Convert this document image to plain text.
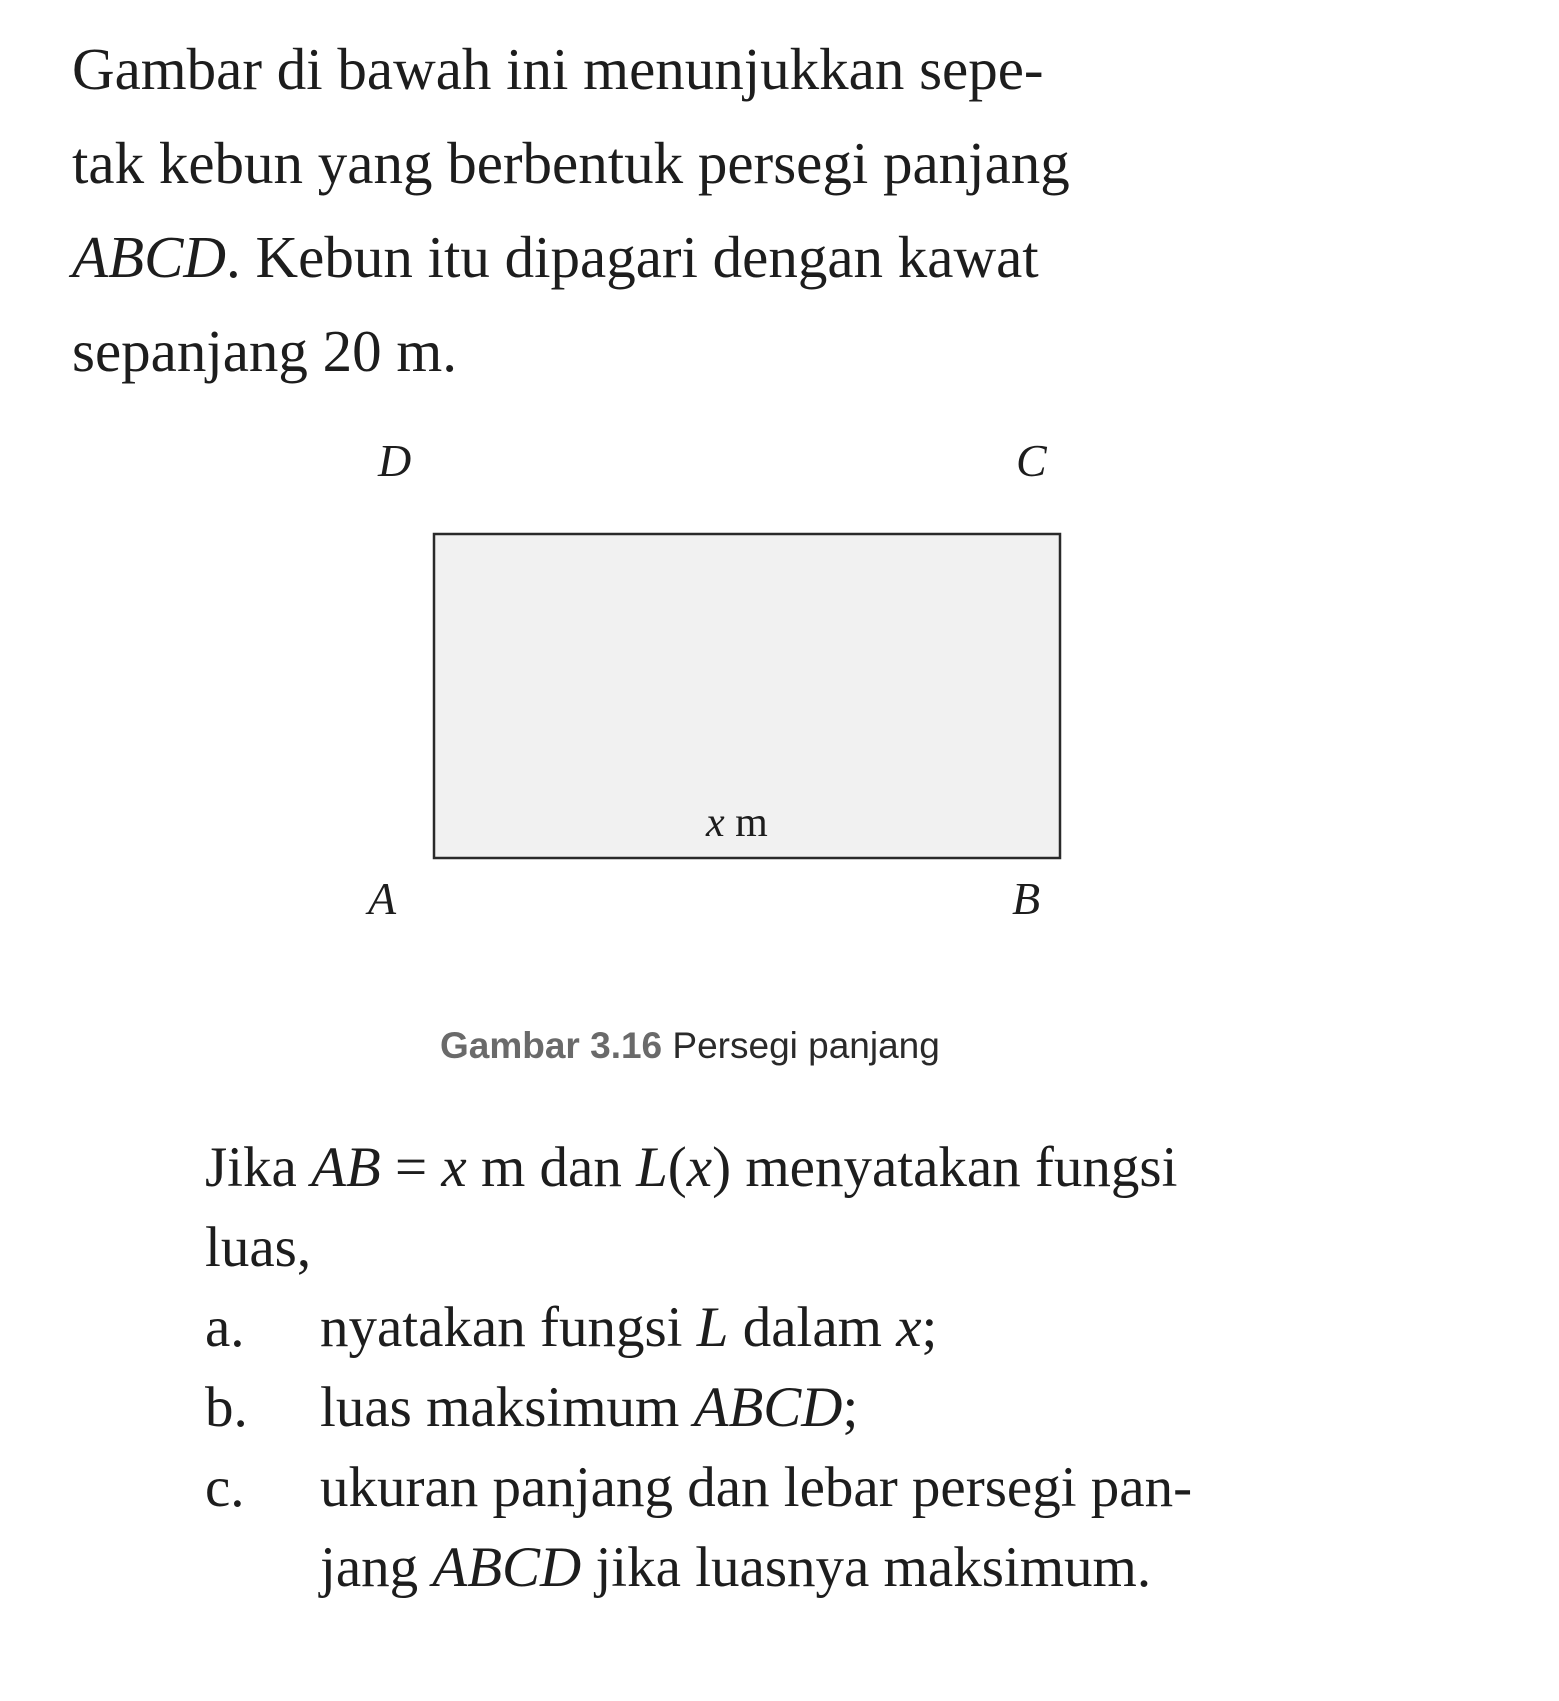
Gambar di bawah ini menunjukkan sepe-
tak kebun yang berbentuk persegi panjang
ABCD. Kebun itu dipagari dengan kawat
sepanjang 20 m.

D	C
A	B
x m
Gambar 3.16 Persegi panjang
Jika AB = x m dan L(x) menyatakan fungsi
luas,
a. nyatakan fungsi L dalam x;
b. luas maksimum ABCD;
c. ukuran panjang dan lebar persegi pan-
jang ABCD jika luasnya maksimum.
